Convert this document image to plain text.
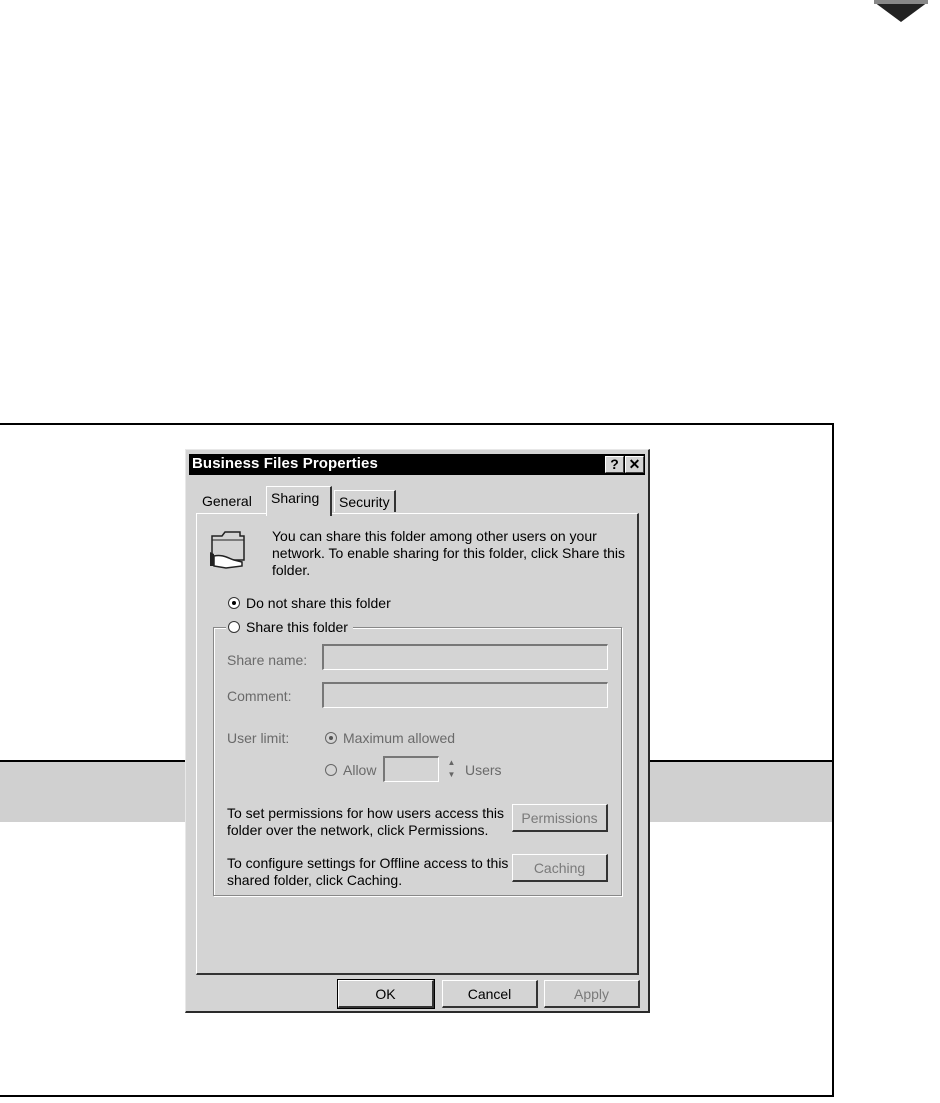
Business Files Properties	? ✕
General	Sharing	Security
You can share this folder among other users on your network. To enable sharing for this folder, click Share this folder.
Do not share this folder
Share this folder
Share name:
Comment:
User limit:	Maximum allowed
Allow	▲
▼ Users
To set permissions for how users access this folder over the network, click Permissions.
Permissions
To configure settings for Offline access to this shared folder, click Caching.
Caching
OK	Cancel	Apply
